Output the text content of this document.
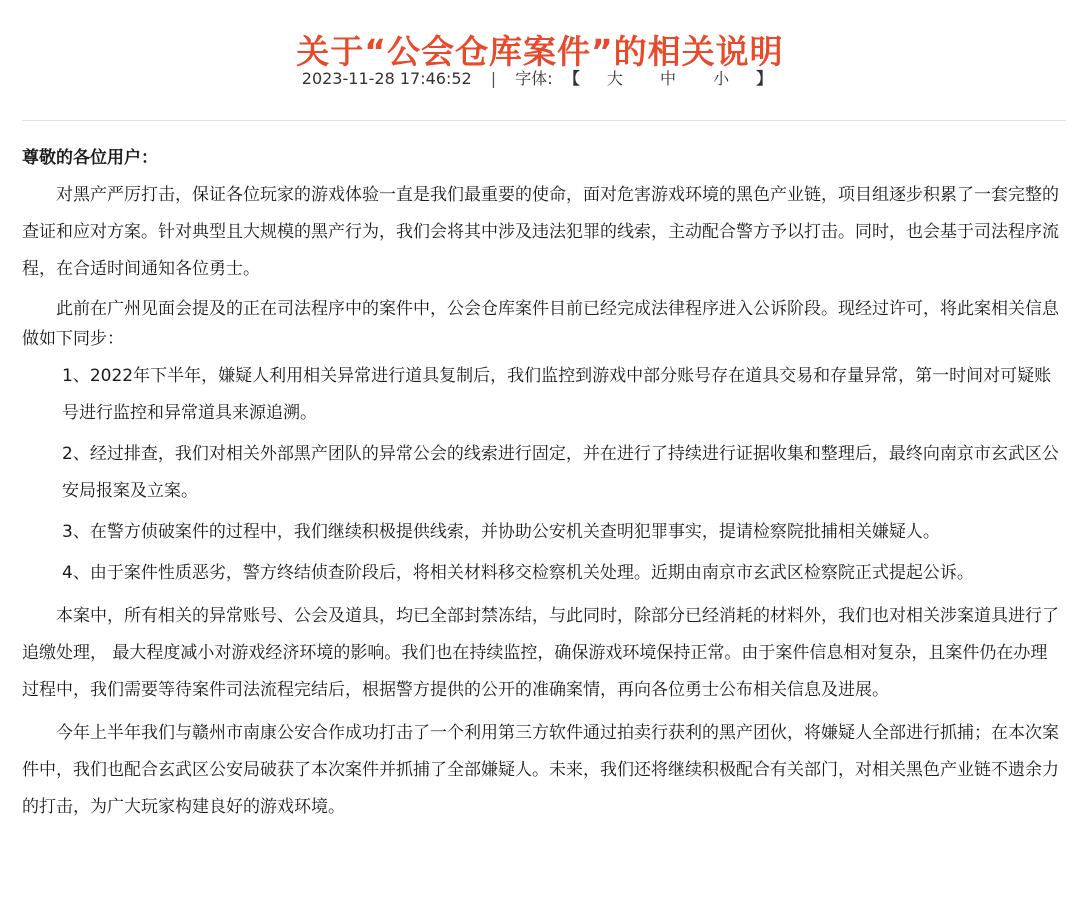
关于“公会仓库案件”的相关说明
2023-11-28 17:46:52 | 字体: 【 大 中 小 】

尊敬的各位用户：

对黑产严厉打击，保证各位玩家的游戏体验一直是我们最重要的使命，面对危害游戏环境的黑色产业链，项目组逐步积累了一套完整的查证和应对方案。针对典型且大规模的黑产行为，我们会将其中涉及违法犯罪的线索，主动配合警方予以打击。同时，也会基于司法程序流程，在合适时间通知各位勇士。

此前在广州见面会提及的正在司法程序中的案件中，公会仓库案件目前已经完成法律程序进入公诉阶段。现经过许可，将此案相关信息做如下同步：

1、2022年下半年，嫌疑人利用相关异常进行道具复制后，我们监控到游戏中部分账号存在道具交易和存量异常，第一时间对可疑账号进行监控和异常道具来源追溯。

2、经过排查，我们对相关外部黑产团队的异常公会的线索进行固定，并在进行了持续进行证据收集和整理后，最终向南京市玄武区公安局报案及立案。

3、在警方侦破案件的过程中，我们继续积极提供线索，并协助公安机关查明犯罪事实，提请检察院批捕相关嫌疑人。

4、由于案件性质恶劣，警方终结侦查阶段后，将相关材料移交检察机关处理。近期由南京市玄武区检察院正式提起公诉。

本案中，所有相关的异常账号、公会及道具，均已全部封禁冻结，与此同时，除部分已经消耗的材料外，我们也对相关涉案道具进行了追缴处理， 最大程度减小对游戏经济环境的影响。我们也在持续监控，确保游戏环境保持正常。由于案件信息相对复杂，且案件仍在办理过程中，我们需要等待案件司法流程完结后，根据警方提供的公开的准确案情，再向各位勇士公布相关信息及进展。

今年上半年我们与赣州市南康公安合作成功打击了一个利用第三方软件通过拍卖行获利的黑产团伙，将嫌疑人全部进行抓捕；在本次案件中，我们也配合玄武区公安局破获了本次案件并抓捕了全部嫌疑人。未来，我们还将继续积极配合有关部门，对相关黑色产业链不遗余力的打击，为广大玩家构建良好的游戏环境。
